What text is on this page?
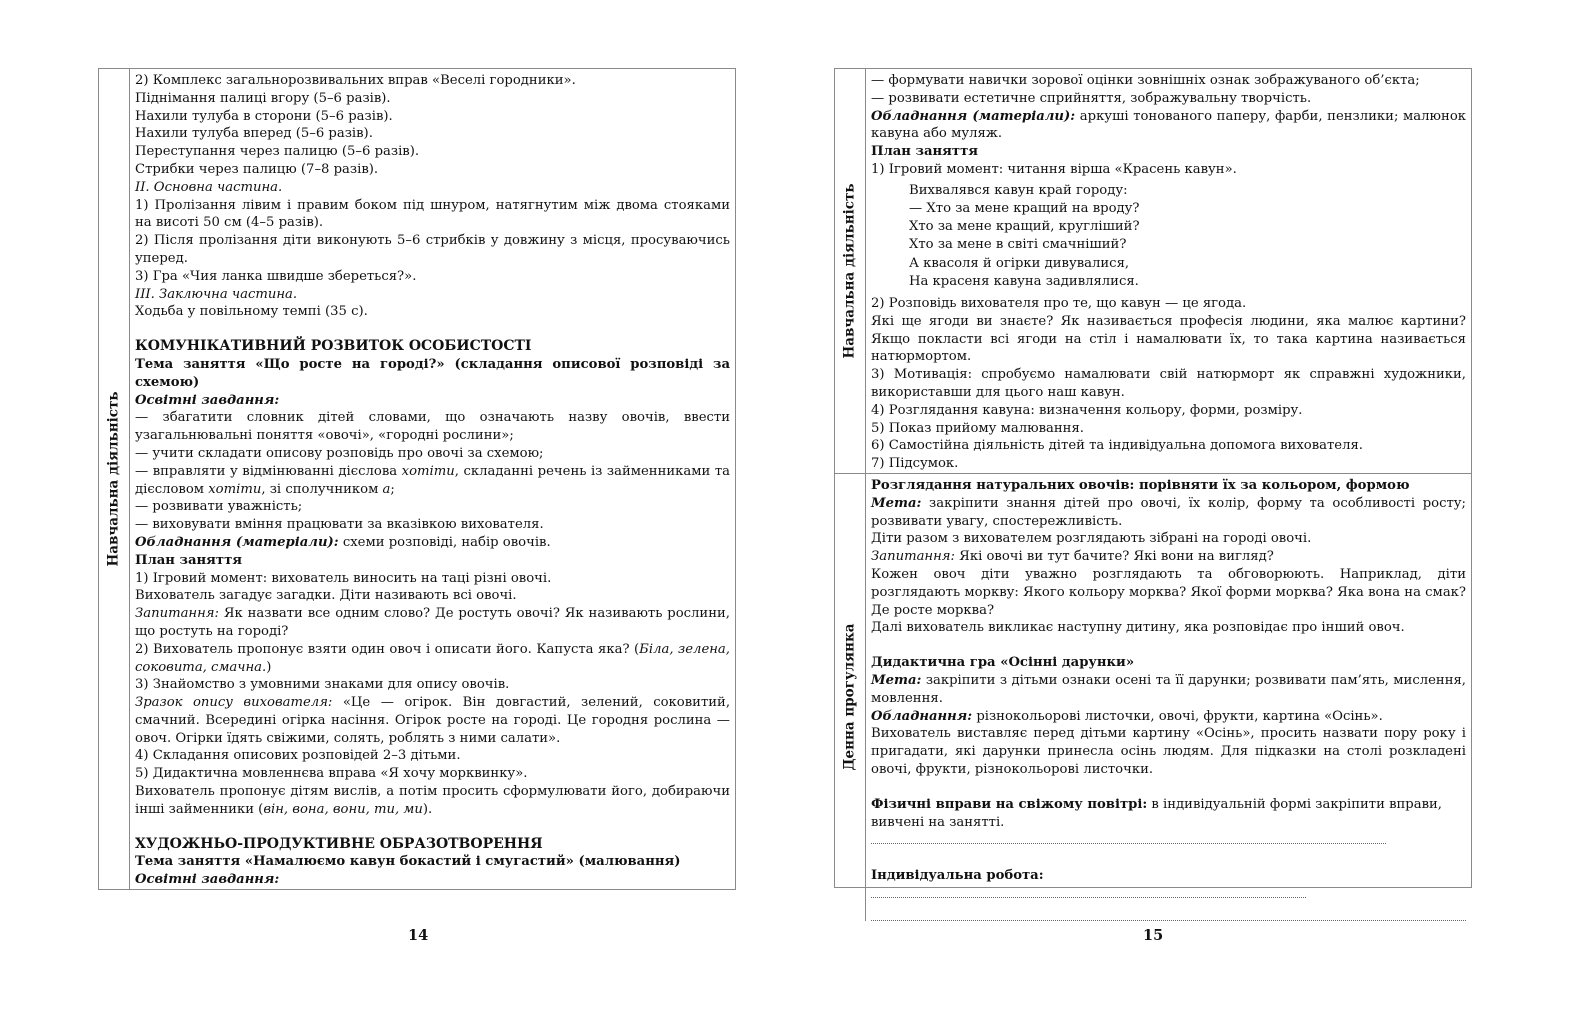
Навчальна діяльність

2) Комплекс загальнорозвивальних вправ «Веселі городники».

Піднімання палиці вгору (5–6 разів).

Нахили тулуба в сторони (5–6 разів).

Нахили тулуба вперед (5–6 разів).

Переступання через палицю (5–6 разів).

Стрибки через палицю (7–8 разів).

ІІ. Основна частина.

1) Пролізання лівим і правим боком під шнуром, натягнутим між двома стояками на висоті 50 см (4–5 разів).

2) Після пролізання діти виконують 5–6 стрибків у довжину з місця, просуваючись уперед.

3) Гра «Чия ланка швидше збереться?».

ІІІ. Заключна частина.

Ходьба у повільному темпі (35 с).

КОМУНІКАТИВНИЙ РОЗВИТОК ОСОБИСТОСТІ

Тема заняття «Що росте на городі?» (складання описової розповіді за схемою)

Освітні завдання:

— збагатити словник дітей словами, що означають назву овочів, ввести узагальнювальні поняття «овочі», «городні рослини»;

— учити складати описову розповідь про овочі за схемою;

— вправляти у відмінюванні дієслова хотіти, складанні речень із займенниками та дієсловом хотіти, зі сполучником а;

— розвивати уважність;

— виховувати вміння працювати за вказівкою вихователя.

Обладнання (матеріали): схеми розповіді, набір овочів.

План заняття

1) Ігровий момент: вихователь виносить на таці різні овочі.

Вихователь загадує загадки. Діти називають всі овочі.

Запитання: Як назвати все одним слово? Де ростуть овочі? Як називають рослини, що ростуть на городі?

2) Вихователь пропонує взяти один овоч і описати його. Капуста яка? (Біла, зелена, соковита, смачна.)

3) Знайомство з умовними знаками для опису овочів.

Зразок опису вихователя: «Це — огірок. Він довгастий, зелений, соковитий, смачний. Всередині огірка насіння. Огірок росте на городі. Це городня рослина — овоч. Огірки їдять свіжими, солять, роблять з ними салати».

4) Складання описових розповідей 2–3 дітьми.

5) Дидактична мовленнєва вправа «Я хочу морквинку».

Вихователь пропонує дітям вислів, а потім просить сформулювати його, добираючи інші займенники (він, вона, вони, ти, ми).

ХУДОЖНЬО-ПРОДУКТИВНЕ ОБРАЗОТВОРЕННЯ

Тема заняття «Намалюємо кавун бокастий і смугастий» (малювання)

Освітні завдання:

14
Навчальна діяльність

— формувати навички зорової оцінки зовнішніх ознак зображуваного об’єкта;

— розвивати естетичне сприйняття, зображувальну творчість.

Обладнання (матеріали): аркуші тонованого паперу, фарби, пензлики; малюнок кавуна або муляж.

План заняття

1) Ігровий момент: читання вірша «Красень кавун».

Вихвалявся кавун край городу:
— Хто за мене кращий на вроду?
Хто за мене кращий, кругліший?
Хто за мене в світі смачніший?
А квасоля й огірки дивувалися,
На красеня кавуна задивлялися.

2) Розповідь вихователя про те, що кавун — це ягода.

Які ще ягоди ви знаєте? Як називається професія людини, яка малює картини? Якщо покласти всі ягоди на стіл і намалювати їх, то така картина називається натюрмортом.

3) Мотивація: спробуємо намалювати свій натюрморт як справжні художники, використавши для цього наш кавун.

4) Розглядання кавуна: визначення кольору, форми, розміру.

5) Показ прийому малювання.

6) Самостійна діяльність дітей та індивідуальна допомога вихователя.

7) Підсумок.

Денна прогулянка

Розглядання натуральних овочів: порівняти їх за кольором, формою

Мета: закріпити знання дітей про овочі, їх колір, форму та особливості росту; розвивати увагу, спостережливість.

Діти разом з вихователем розглядають зібрані на городі овочі.

Запитання: Які овочі ви тут бачите? Які вони на вигляд?

Кожен овоч діти уважно розглядають та обговорюють. Наприклад, діти розглядають моркву: Якого кольору морква? Якої форми морква? Яка вона на смак? Де росте морква?

Далі вихователь викликає наступну дитину, яка розповідає про інший овоч.

Дидактична гра «Осінні дарунки»

Мета: закріпити з дітьми ознаки осені та її дарунки; розвивати пам’ять, мислення, мовлення.

Обладнання: різнокольорові листочки, овочі, фрукти, картина «Осінь».

Вихователь виставляє перед дітьми картину «Осінь», просить назвати пору року і пригадати, які дарунки принесла осінь людям. Для підказки на столі розкладені овочі, фрукти, різнокольорові листочки.

Фізичні вправи на свіжому повітрі: в індивідуальній формі закріпити вправи, вивчені на занятті.

Індивідуальна робота:

15
